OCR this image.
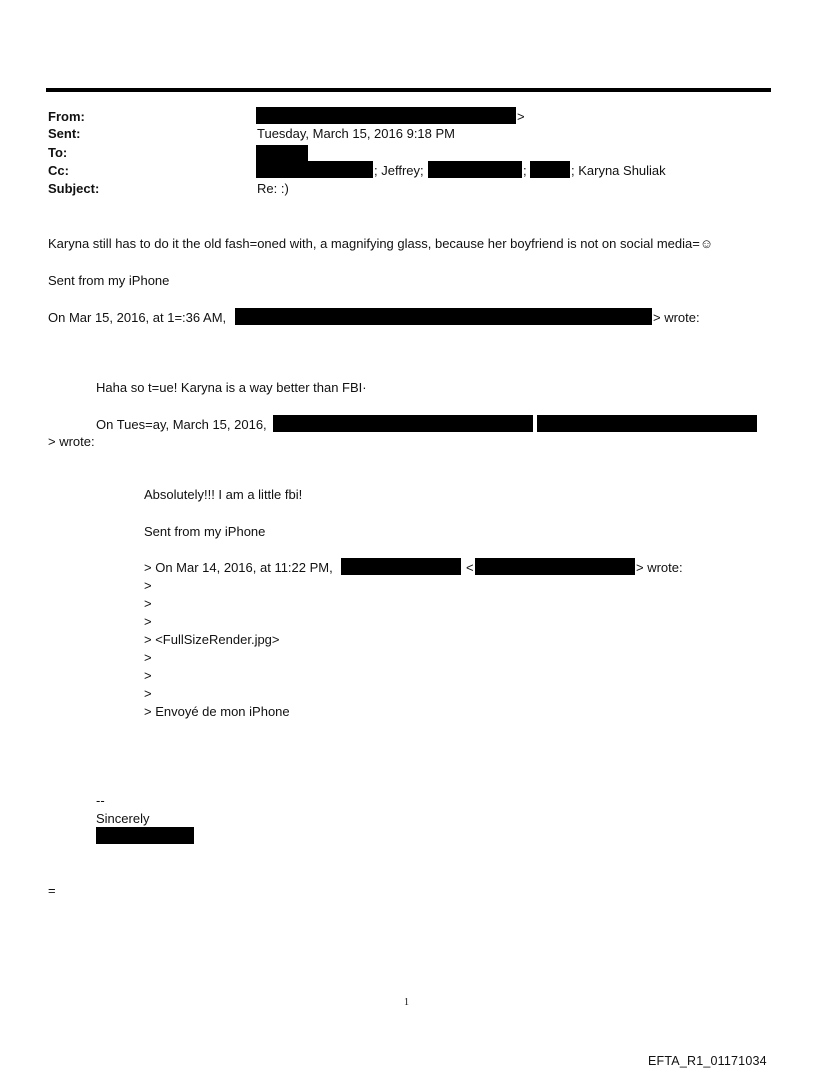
From:	>
Sent:	Tuesday, March 15, 2016 9:18 PM
To:
Cc:	; Jeffrey;	;	; Karyna Shuliak
Subject:	Re: :)
Karyna still has to do it the old fash=oned with, a magnifying glass, because her boyfriend is not on social media=☺
Sent from my iPhone
On Mar 15, 2016, at 1=:36 AM,	> wrote:
Haha so t=ue! Karyna is a way better than FBI·
On Tues=ay, March 15, 2016,
> wrote:
Absolutely!!! I am a little fbi!
Sent from my iPhone
> On Mar 14, 2016, at 11:22 PM,	<	> wrote:
>
>
>
> <FullSizeRender.jpg>
>
>
>
> Envoyé de mon iPhone
--
Sincerely
=
1
EFTA_R1_01171034
